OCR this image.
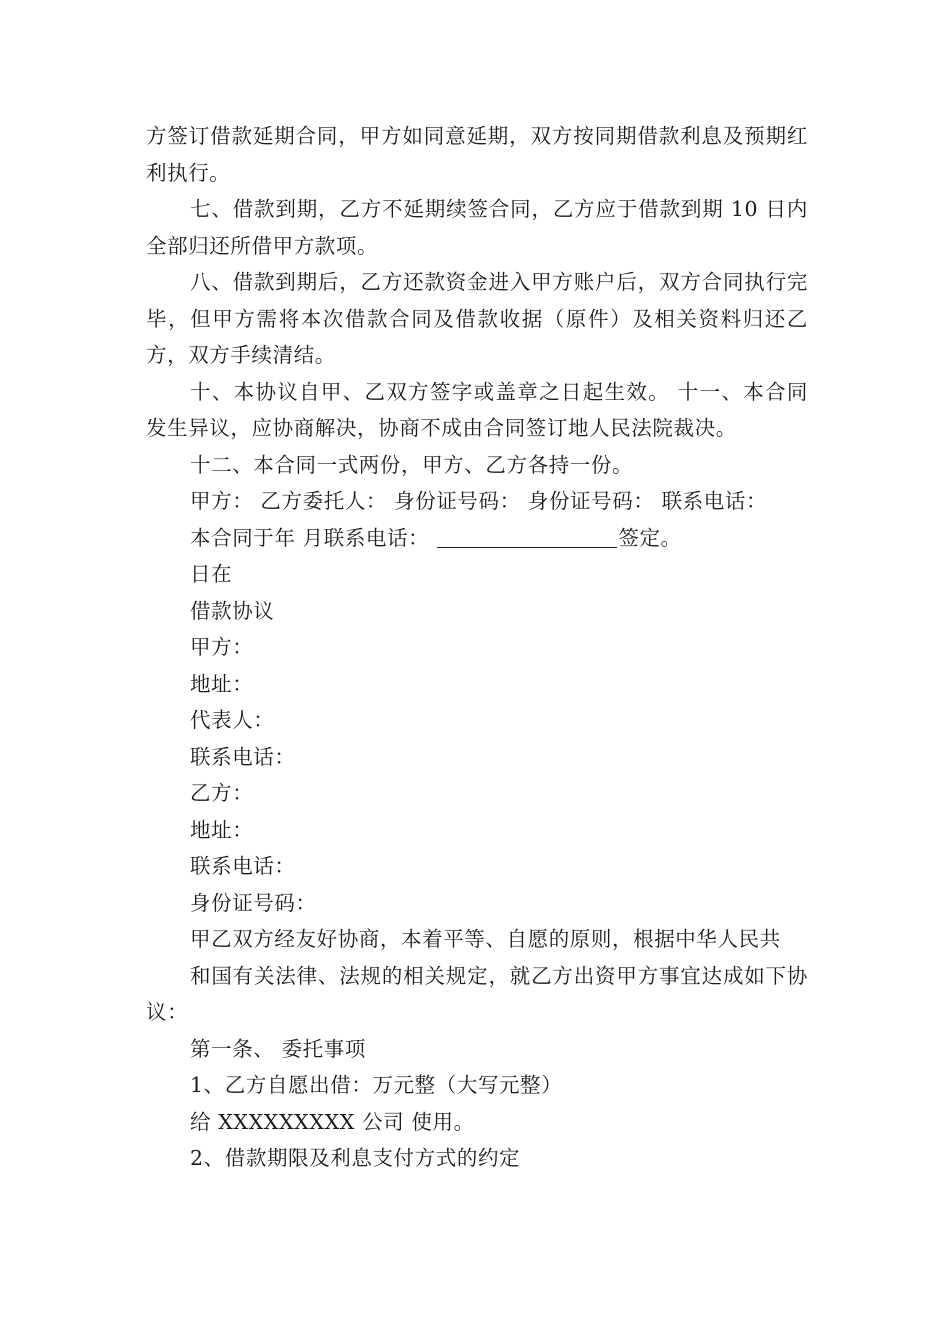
方签订借款延期合同，甲方如同意延期，双方按同期借款利息及预期红利执行。

七、借款到期，乙方不延期续签合同，乙方应于借款到期 10 日内全部归还所借甲方款项。

八、借款到期后，乙方还款资金进入甲方账户后，双方合同执行完毕，但甲方需将本次借款合同及借款收据（原件）及相关资料归还乙方，双方手续清结。

十、本协议自甲、乙双方签字或盖章之日起生效。 十一、本合同发生异议，应协商解决，协商不成由合同签订地人民法院裁决。

十二、本合同一式两份，甲方、乙方各持一份。

甲方： 乙方委托人： 身份证号码： 身份证号码： 联系电话：

本合同于年 月联系电话：	签定。

日在

借款协议

甲方：

地址：

代表人：

联系电话：

乙方：

地址：

联系电话：

身份证号码：

甲乙双方经友好协商，本着平等、自愿的原则，根据中华人民共

和国有关法律、法规的相关规定，就乙方出资甲方事宜达成如下协议：

第一条、 委托事项

1、乙方自愿出借：万元整（大写元整）

给 XXXXXXXXX 公司 使用。

2、借款期限及利息支付方式的约定
